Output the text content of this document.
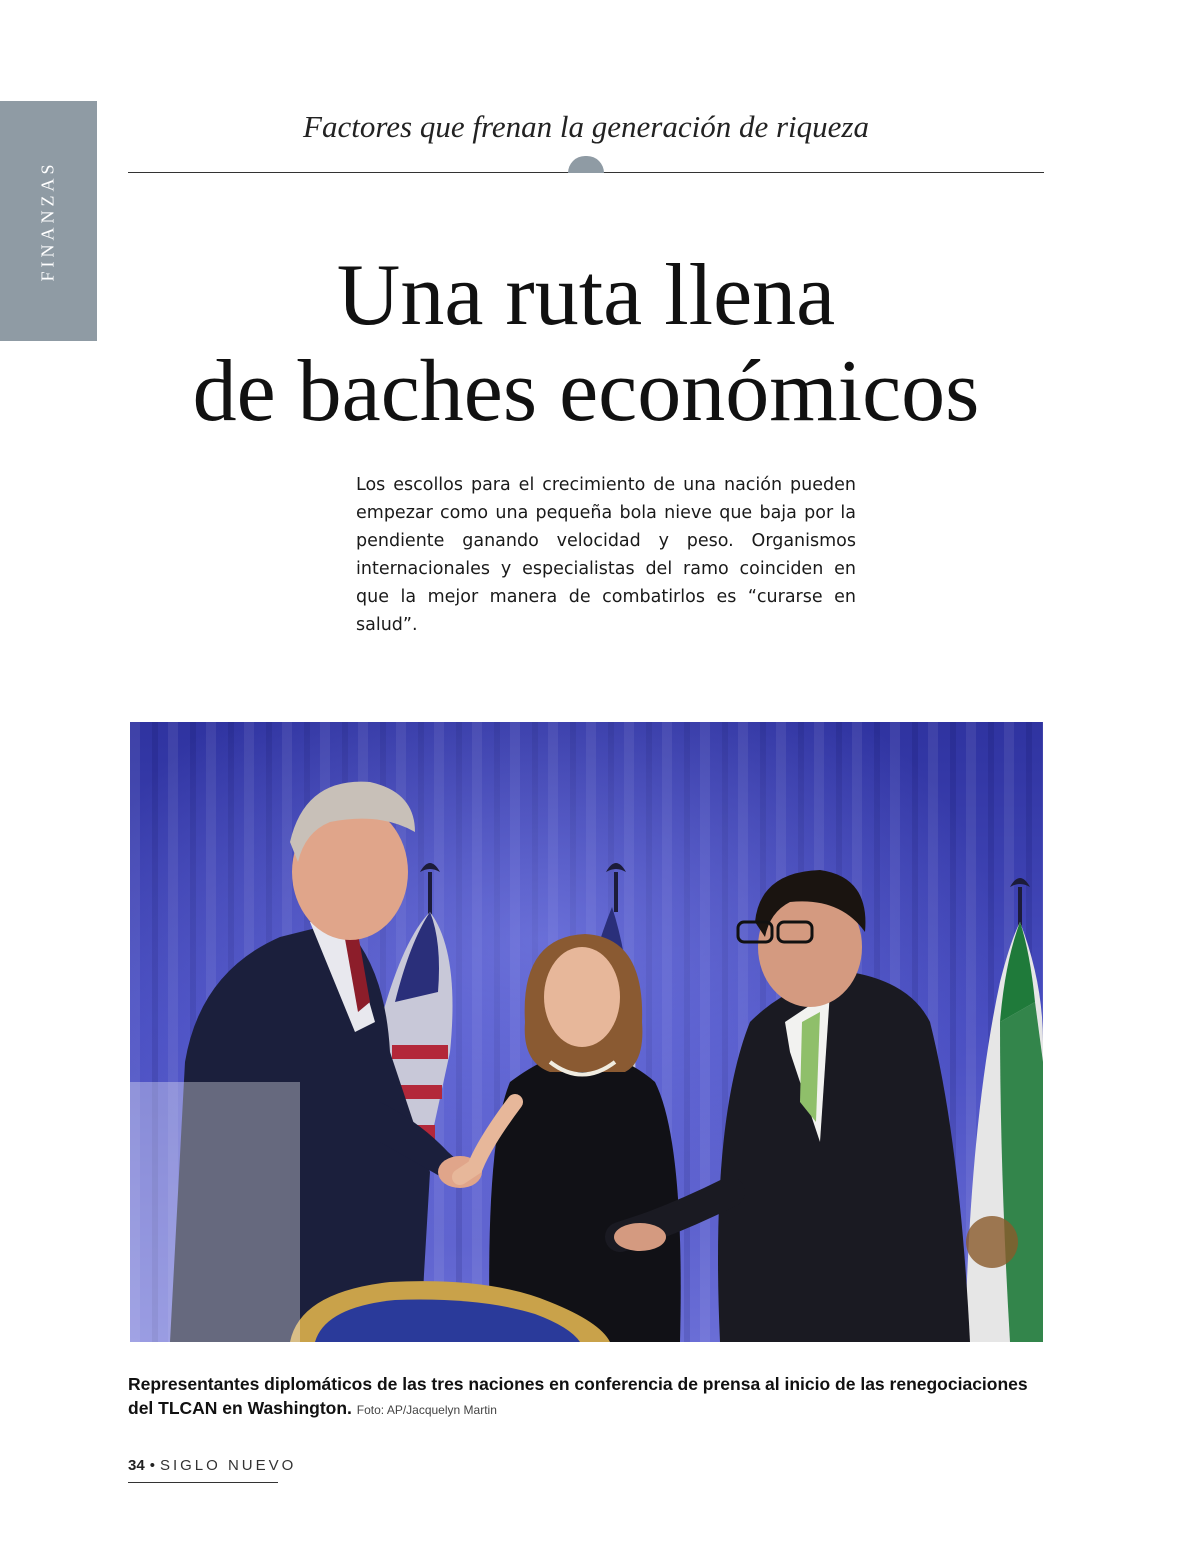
FINANZAS
Factores que frenan la generación de riqueza
Una ruta llena
de baches económicos

Los escollos para el crecimiento de una nación pueden empezar como una pequeña bola nieve que baja por la pendiente ganando velocidad y peso. Organismos internacionales y especialistas del ramo coinciden en que la mejor manera de combatirlos es “curarse en salud”.

Representantes diplomáticos de las tres naciones en conferencia de prensa al inicio de las renegociaciones del TLCAN en Washington. Foto: AP/Jacquelyn Martin

34 • SIGLO NUEVO
